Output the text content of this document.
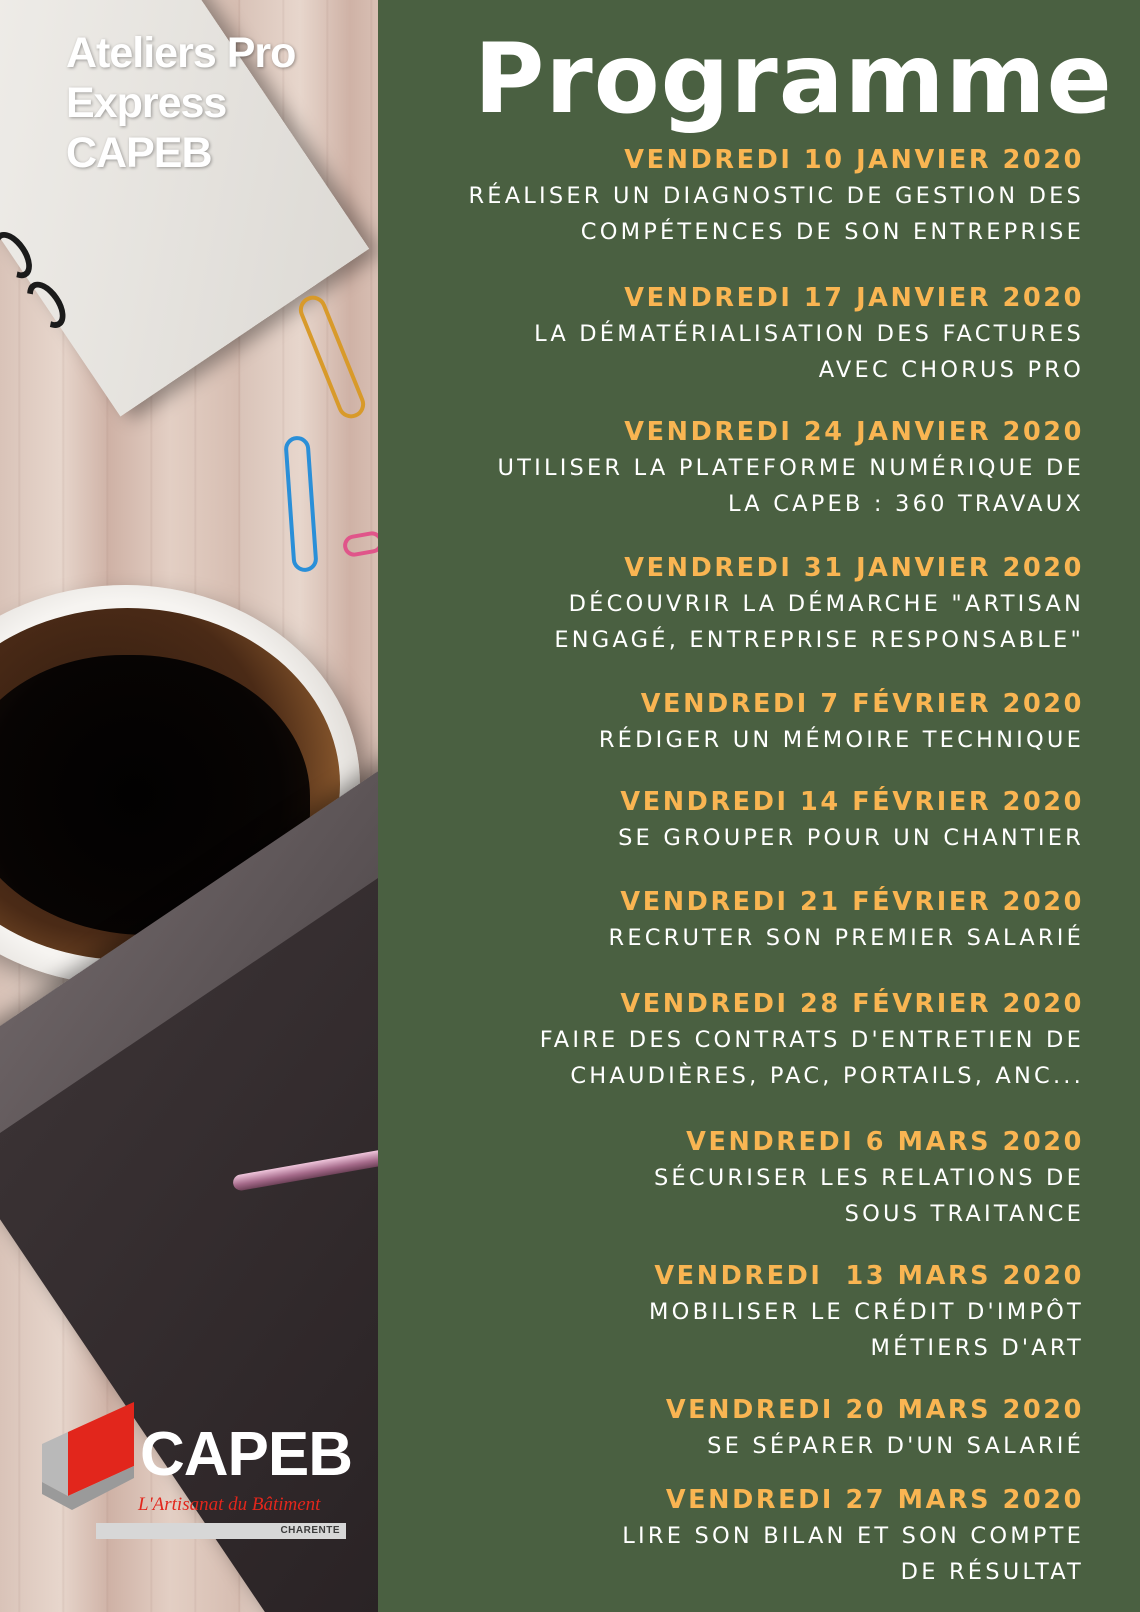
Ateliers Pro
Express
CAPEB
CAPEB
L'Artisanat du Bâtiment
CHARENTE
Programme
VENDREDI 10 JANVIER 2020
RÉALISER UN DIAGNOSTIC DE GESTION DES
COMPÉTENCES DE SON ENTREPRISE
VENDREDI 17 JANVIER 2020
LA DÉMATÉRIALISATION DES FACTURES
AVEC CHORUS PRO
VENDREDI 24 JANVIER 2020
UTILISER LA PLATEFORME NUMÉRIQUE DE
LA CAPEB : 360 TRAVAUX
VENDREDI 31 JANVIER 2020
DÉCOUVRIR LA DÉMARCHE "ARTISAN
ENGAGÉ, ENTREPRISE RESPONSABLE"
VENDREDI 7 FÉVRIER 2020
RÉDIGER UN MÉMOIRE TECHNIQUE
VENDREDI 14 FÉVRIER 2020
SE GROUPER POUR UN CHANTIER
VENDREDI 21 FÉVRIER 2020
RECRUTER SON PREMIER SALARIÉ
VENDREDI 28 FÉVRIER 2020
FAIRE DES CONTRATS D'ENTRETIEN DE
CHAUDIÈRES, PAC, PORTAILS, ANC...
VENDREDI 6 MARS 2020
SÉCURISER LES RELATIONS DE
SOUS TRAITANCE
VENDREDI  13 MARS 2020
MOBILISER LE CRÉDIT D'IMPÔT
MÉTIERS D'ART
VENDREDI 20 MARS 2020
SE SÉPARER D'UN SALARIÉ
VENDREDI 27 MARS 2020
LIRE SON BILAN ET SON COMPTE
DE RÉSULTAT
